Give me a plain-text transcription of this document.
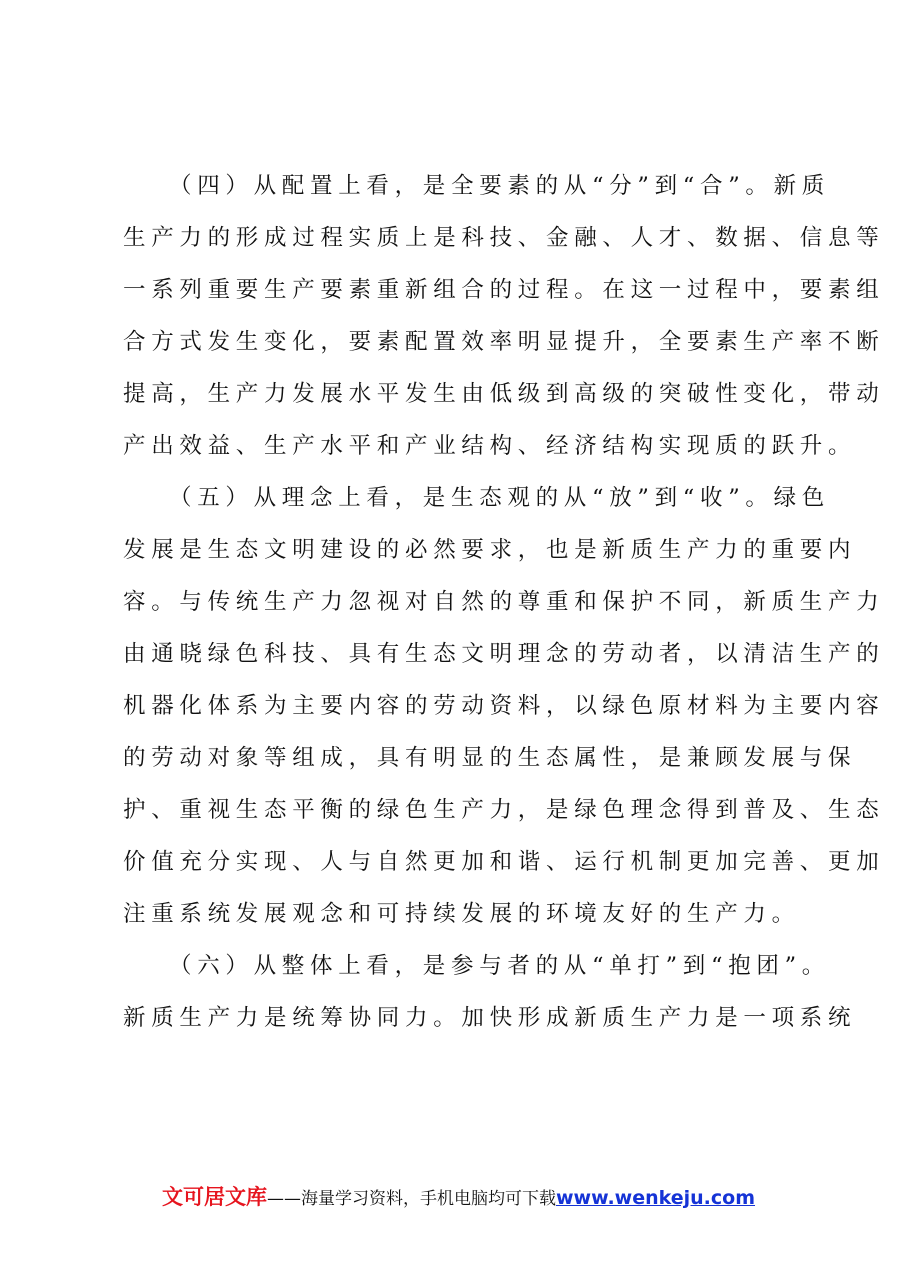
（四）从配置上看，是全要素的从“分”到“合”。新质
生产力的形成过程实质上是科技、金融、人才、数据、信息等
一系列重要生产要素重新组合的过程。在这一过程中，要素组
合方式发生变化，要素配置效率明显提升，全要素生产率不断
提高，生产力发展水平发生由低级到高级的突破性变化，带动
产出效益、生产水平和产业结构、经济结构实现质的跃升。
（五）从理念上看，是生态观的从“放”到“收”。绿色
发展是生态文明建设的必然要求，也是新质生产力的重要内
容。与传统生产力忽视对自然的尊重和保护不同，新质生产力
由通晓绿色科技、具有生态文明理念的劳动者，以清洁生产的
机器化体系为主要内容的劳动资料，以绿色原材料为主要内容
的劳动对象等组成，具有明显的生态属性，是兼顾发展与保
护、重视生态平衡的绿色生产力，是绿色理念得到普及、生态
价值充分实现、人与自然更加和谐、运行机制更加完善、更加
注重系统发展观念和可持续发展的环境友好的生产力。
（六）从整体上看，是参与者的从“单打”到“抱团”。
新质生产力是统筹协同力。加快形成新质生产力是一项系统
文可居文库——海量学习资料，手机电脑均可下载www.wenkeju.com
